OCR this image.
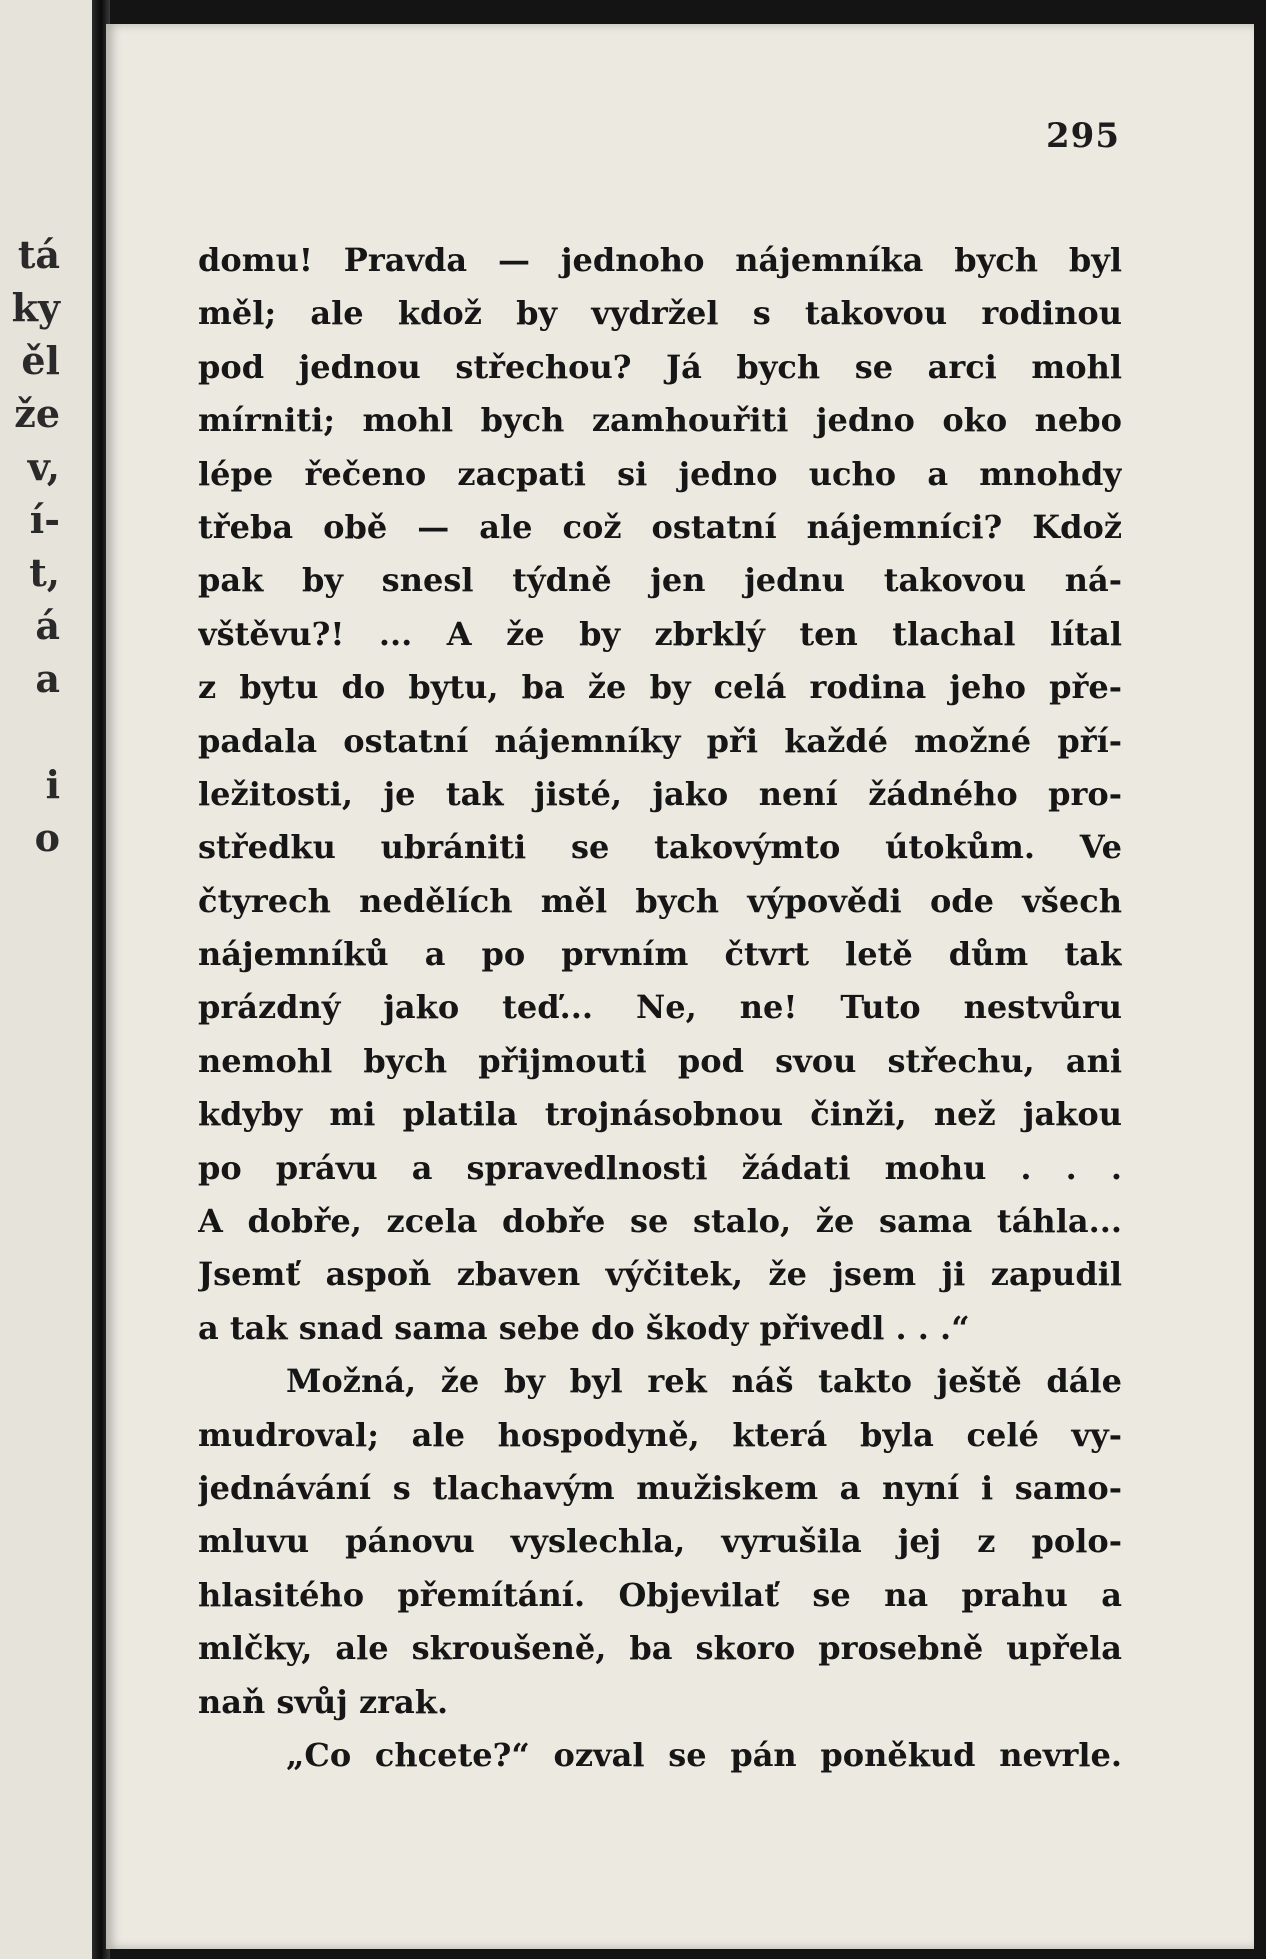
tá
ky
ěl
že
v,
í-
t,
á
a
i
o
295
domu! Pravda — jednoho nájemníka bych byl
měl; ale kdož by vydržel s takovou rodinou
pod jednou střechou? Já bych se arci mohl
mírniti; mohl bych zamhouřiti jedno oko nebo
lépe řečeno zacpati si jedno ucho a mnohdy
třeba obě — ale což ostatní nájemníci? Kdož
pak by snesl týdně jen jednu takovou ná-
vštěvu?! ... A že by zbrklý ten tlachal lítal
z bytu do bytu, ba že by celá rodina jeho pře-
padala ostatní nájemníky při každé možné pří-
ležitosti, je tak jisté, jako není žádného pro-
středku ubrániti se takovýmto útokům. Ve
čtyrech nedělích měl bych výpovědi ode všech
nájemníků a po prvním čtvrt letě dům tak
prázdný jako teď... Ne, ne! Tuto nestvůru
nemohl bych přijmouti pod svou střechu, ani
kdyby mi platila trojnásobnou činži, než jakou
po právu a spravedlnosti žádati mohu . . .
A dobře, zcela dobře se stalo, že sama táhla...
Jsemť aspoň zbaven výčitek, že jsem ji zapudil
a tak snad sama sebe do škody přivedl . . .“
Možná, že by byl rek náš takto ještě dále
mudroval; ale hospodyně, která byla celé vy-
jednávání s tlachavým mužiskem a nyní i samo-
mluvu pánovu vyslechla, vyrušila jej z polo-
hlasitého přemítání. Objevilať se na prahu a
mlčky, ale skroušeně, ba skoro prosebně upřela
naň svůj zrak.
„Co chcete?“ ozval se pán poněkud nevrle.
